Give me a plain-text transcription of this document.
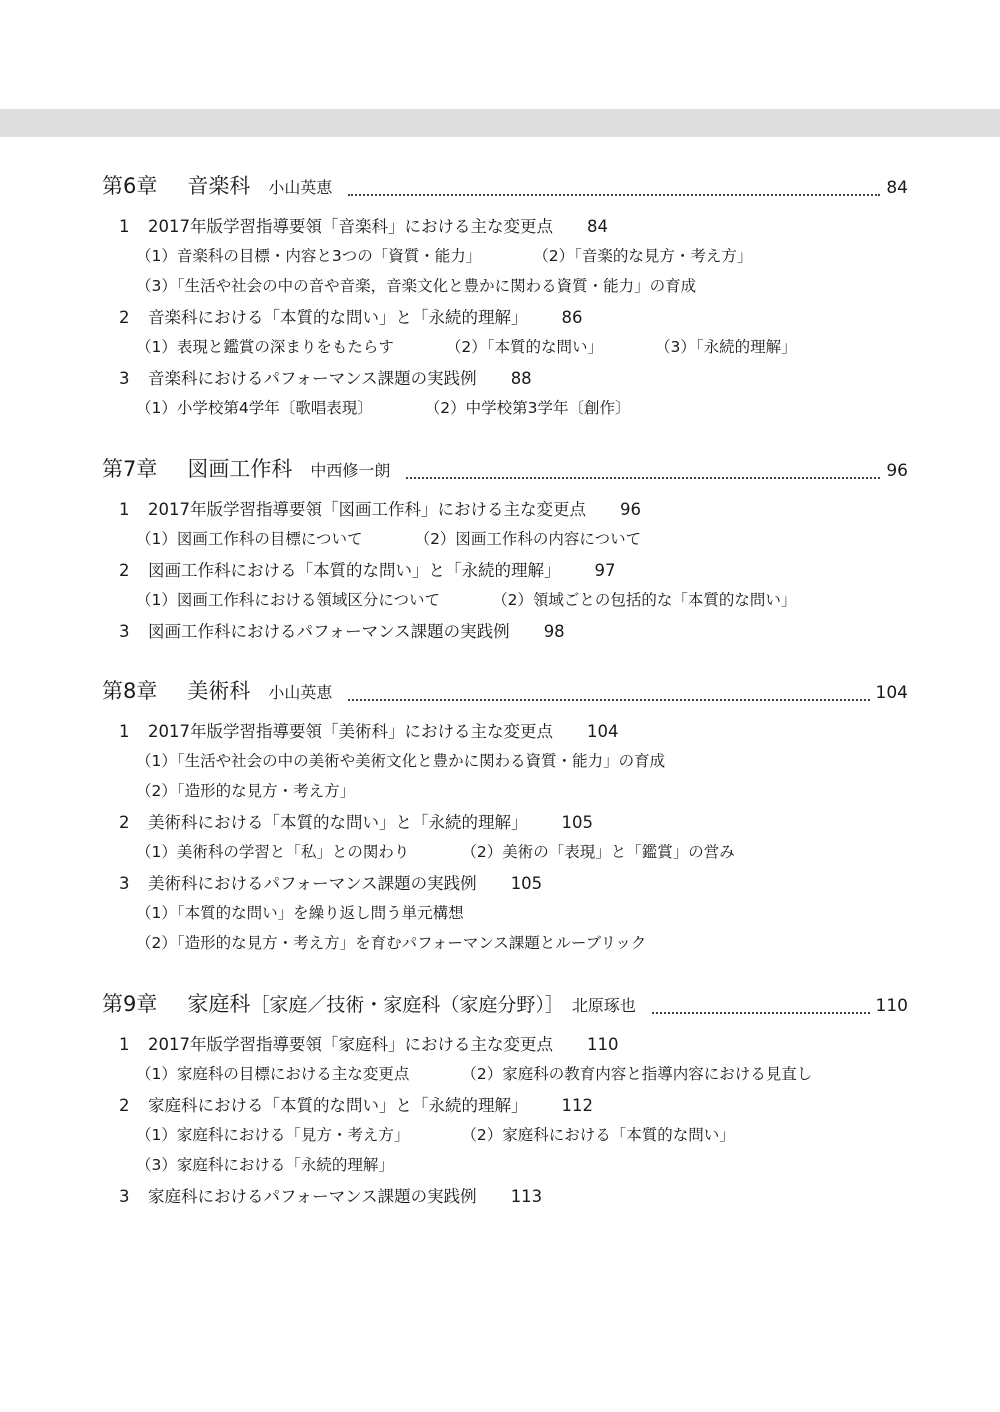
第6章 音楽科 小山英恵	84
1 2017年版学習指導要領「音楽科」における主な変更点 84
（1）音楽科の目標・内容と3つの「資質・能力」	（2）「音楽的な見方・考え方」
（3）「生活や社会の中の音や音楽，音楽文化と豊かに関わる資質・能力」の育成
2 音楽科における「本質的な問い」と「永続的理解」 86
（1）表現と鑑賞の深まりをもたらす	（2）「本質的な問い」	（3）「永続的理解」
3 音楽科におけるパフォーマンス課題の実践例 88
（1）小学校第4学年〔歌唱表現〕	（2）中学校第3学年〔創作〕
第7章 図画工作科 中西修一朗	96
1 2017年版学習指導要領「図画工作科」における主な変更点 96
（1）図画工作科の目標について	（2）図画工作科の内容について
2 図画工作科における「本質的な問い」と「永続的理解」 97
（1）図画工作科における領域区分について	（2）領域ごとの包括的な「本質的な問い」
3 図画工作科におけるパフォーマンス課題の実践例 98
第8章 美術科 小山英恵	104
1 2017年版学習指導要領「美術科」における主な変更点 104
（1）「生活や社会の中の美術や美術文化と豊かに関わる資質・能力」の育成
（2）「造形的な見方・考え方」
2 美術科における「本質的な問い」と「永続的理解」 105
（1）美術科の学習と「私」との関わり	（2）美術の「表現」と「鑑賞」の営み
3 美術科におけるパフォーマンス課題の実践例 105
（1）「本質的な問い」を繰り返し問う単元構想
（2）「造形的な見方・考え方」を育むパフォーマンス課題とルーブリック
第9章 家庭科 ［家庭／技術・家庭科（家庭分野）］ 北原琢也	110
1 2017年版学習指導要領「家庭科」における主な変更点 110
（1）家庭科の目標における主な変更点	（2）家庭科の教育内容と指導内容における見直し
2 家庭科における「本質的な問い」と「永続的理解」 112
（1）家庭科における「見方・考え方」	（2）家庭科における「本質的な問い」
（3）家庭科における「永続的理解」
3 家庭科におけるパフォーマンス課題の実践例 113
